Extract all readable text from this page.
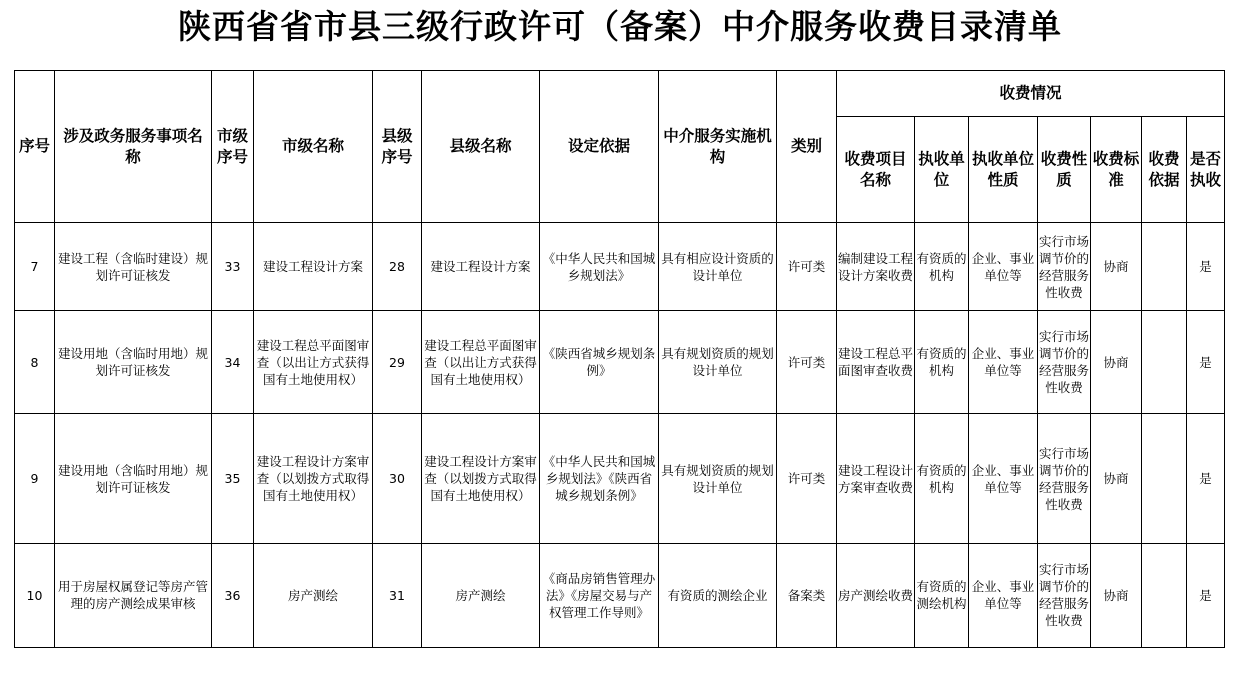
陕西省省市县三级行政许可（备案）中介服务收费目录清单
序号	涉及政务服务事项名称	市级序号	市级名称	县级序号	县级名称	设定依据	中介服务实施机构	类别	收费情况						
									收费项目名称	执收单位	执收单位性质	收费性质	收费标准	收费依据	是否执收
7	建设工程（含临时建设）规划许可证核发	33	建设工程设计方案	28	建设工程设计方案	《中华人民共和国城乡规划法》	具有相应设计资质的设计单位	许可类	编制建设工程设计方案收费	有资质的机构	企业、事业单位等	实行市场调节价的经营服务性收费	协商		是
8	建设用地（含临时用地）规划许可证核发	34	建设工程总平面图审查（以出让方式获得国有土地使用权）	29	建设工程总平面图审查（以出让方式获得国有土地使用权）	《陕西省城乡规划条例》	具有规划资质的规划设计单位	许可类	建设工程总平面图审查收费	有资质的机构	企业、事业单位等	实行市场调节价的经营服务性收费	协商		是
9	建设用地（含临时用地）规划许可证核发	35	建设工程设计方案审查（以划拨方式取得国有土地使用权）	30	建设工程设计方案审查（以划拨方式取得国有土地使用权）	《中华人民共和国城乡规划法》《陕西省城乡规划条例》	具有规划资质的规划设计单位	许可类	建设工程设计方案审查收费	有资质的机构	企业、事业单位等	实行市场调节价的经营服务性收费	协商		是
10	用于房屋权属登记等房产管理的房产测绘成果审核	36	房产测绘	31	房产测绘	《商品房销售管理办法》《房屋交易与产权管理工作导则》	有资质的测绘企业	备案类	房产测绘收费	有资质的测绘机构	企业、事业单位等	实行市场调节价的经营服务性收费	协商		是
